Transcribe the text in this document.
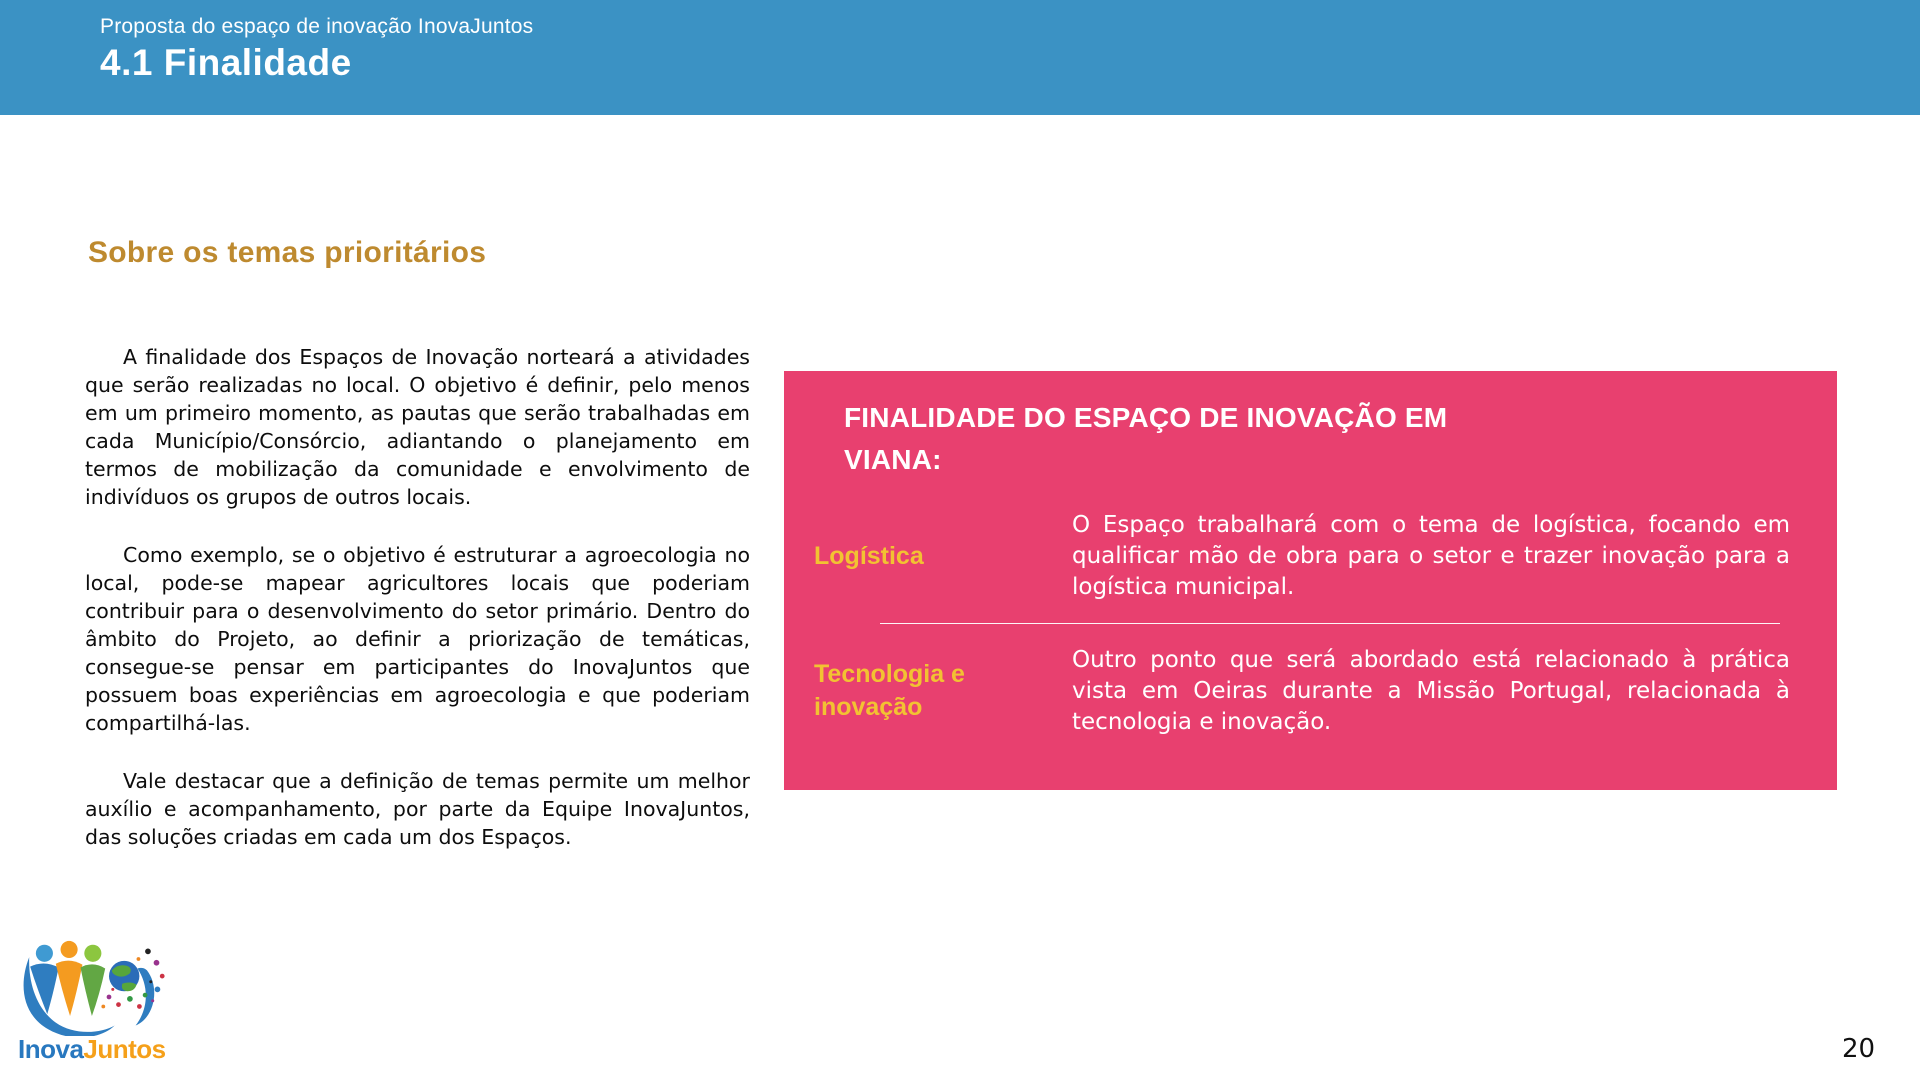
Proposta do espaço de inovação InovaJuntos
4.1 Finalidade
Sobre os temas prioritários

A finalidade dos Espaços de Inovação norteará a atividades que serão realizadas no local. O objetivo é definir, pelo menos em um primeiro momento, as pautas que serão trabalhadas em cada Município/Consórcio, adiantando o planejamento em termos de mobilização da comunidade e envolvimento de indivíduos os grupos de outros locais.

Como exemplo, se o objetivo é estruturar a agroecologia no local, pode-se mapear agricultores locais que poderiam contribuir para o desenvolvimento do setor primário. Dentro do âmbito do Projeto, ao definir a priorização de temáticas, consegue-se pensar em participantes do InovaJuntos que possuem boas experiências em agroecologia e que poderiam compartilhá-las.

Vale destacar que a definição de temas permite um melhor auxílio e acompanhamento, por parte da Equipe InovaJuntos, das soluções criadas em cada um dos Espaços.

FINALIDADE DO ESPAÇO DE INOVAÇÃO EM VIANA:
Logística
O Espaço trabalhará com o tema de logística, focando em qualificar mão de obra para o setor e trazer inovação para a logística municipal.
Tecnologia e inovação
Outro ponto que será abordado está relacionado à prática vista em Oeiras durante a Missão Portugal, relacionada à tecnologia e inovação.
InovaJuntos	20
